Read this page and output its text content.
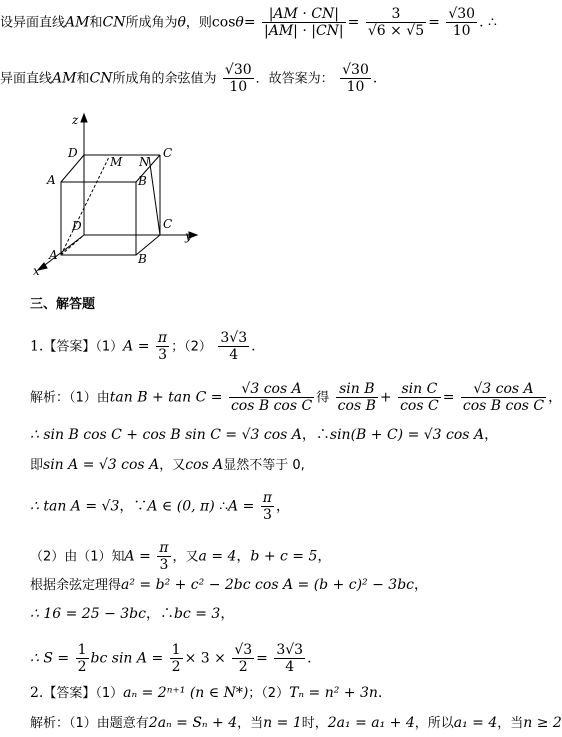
设异面直线AM和CN所成角为θ，则$\cos\theta= \frac{|AM \cdot CN|}{|AM| \cdot |CN|} = \frac{3}{√6 \times √5} = \frac{√30}{10}$ . ∴
异面直线AM和CN所成角的余弦值为 $\frac{√30}{10}$ ．故答案为： $\frac{√30}{10}$ .
z
y
x
D	C
A	B
M N
D	C
A	B
三、解答题
1.【答案】$(1)A = \frac{\pi}{3}$ ；$(2) \frac{3√3}{4}$ .
解析：（1）由$\tan B + \tan C = \frac{\text{√3 cos A}}{\text{cos B cos C}}$ 得 $\frac{\text{sin B}}{\text{cos B}} + \frac{\text{sin C}}{\text{cos C}} = \frac{\text{√3 cos A}}{\text{cos B cos C}}$ ，
∴ sin B cos C + cos B sin C = √3 cos A，∴sin(B + C) = √3 cos A，
即sin A = √3 cos A，又cos A显然不等于 0,
∴ tan A = √3，∵A ∈ (0, π) ∴A = $\frac{\pi}{3}$ ，
（2）由（1）知$A = \frac{\pi}{3}$ ，又a = 4，b + c = 5，
根据余弦定理得a² = b² + c² − 2bc cos A = (b + c)² − 3bc，
∴ 16 = 25 − 3bc，∴bc = 3，
∴ $S = \frac{1}{2}$ bc $\sin A = \frac{1}{2} \times 3 \times \frac{√3}{2} = \frac{3√3}{4}$ .
2.【答案】（1）aₙ = 2ⁿ⁺¹ (n ∈ N*)；（2）Tₙ = n² + 3n.
解析：（1）由题意有2aₙ = Sₙ + 4，当n = 1时，2a₁ = a₁ + 4，所以a₁ = 4，当n ≥ 2
